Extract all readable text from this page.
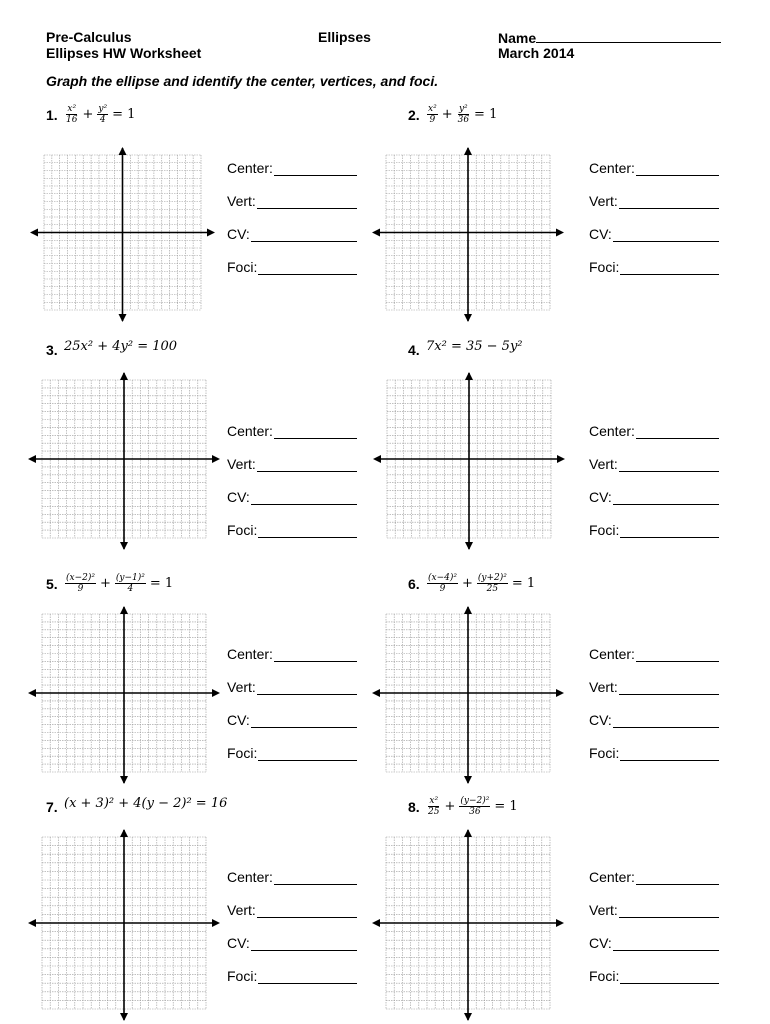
Pre-Calculus
Ellipses HW Worksheet
Ellipses	Name
March 2014
Graph the ellipse and identify the center, vertices, and foci.
1. $\frac{\text{x²}}{16} + \frac{\text{y²}}{4} = 1$
Center:
Vert:
CV:
Foci:
2. $\frac{\text{x²}}{9} + \frac{\text{y²}}{36} = 1$
Center:
Vert:
CV:
Foci:
3. 25x² + 4y² = 100
Center:
Vert:
CV:
Foci:
4. 7x² = 35 − 5y²
Center:
Vert:
CV:
Foci:
5. $\frac{\text{(x−2)²}}{9} + \frac{\text{(y−1)²}}{4} = 1$
Center:
Vert:
CV:
Foci:
6. $\frac{\text{(x−4)²}}{9} + \frac{\text{(y+2)²}}{25} = 1$
Center:
Vert:
CV:
Foci:
7. (x + 3)² + 4(y − 2)² = 16
Center:
Vert:
CV:
Foci:
8. $\frac{\text{x²}}{25} + \frac{\text{(y−2)²}}{36} = 1$
Center:
Vert:
CV:
Foci:
